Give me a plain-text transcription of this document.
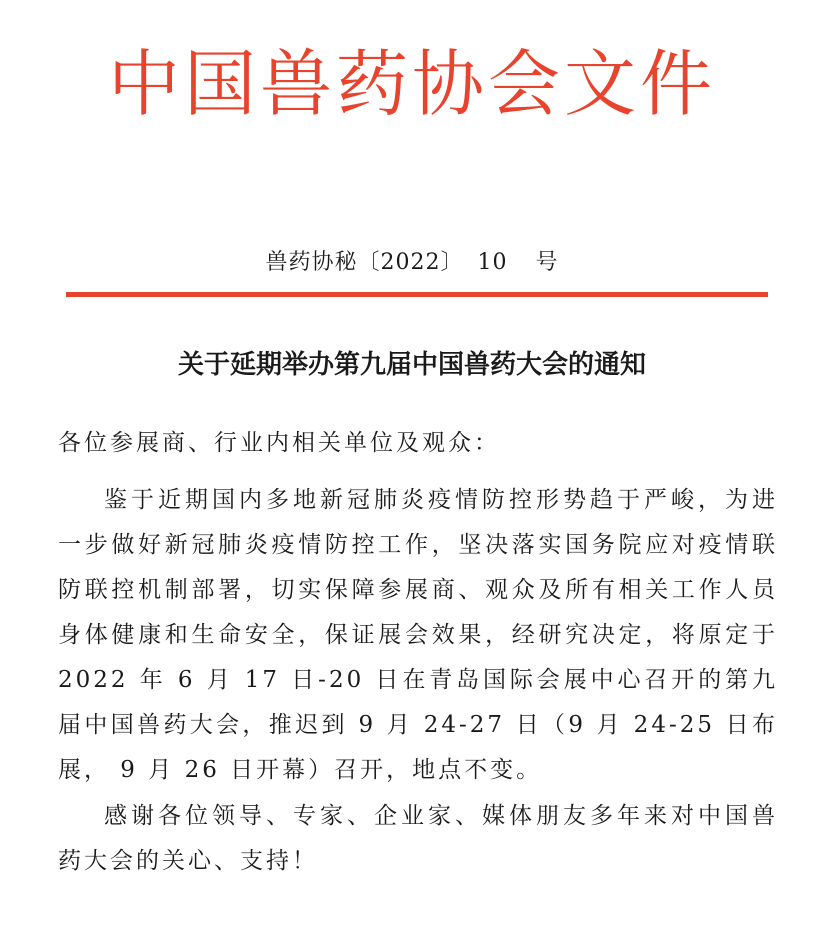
中国兽药协会文件
兽药协秘〔2022〕 10 号
关于延期举办第九届中国兽药大会的通知
各位参展商、行业内相关单位及观众：

鉴于近期国内多地新冠肺炎疫情防控形势趋于严峻，为进一步做好新冠肺炎疫情防控工作，坚决落实国务院应对疫情联防联控机制部署，切实保障参展商、观众及所有相关工作人员身体健康和生命安全，保证展会效果，经研究决定，将原定于 2022 年 6 月 17 日-20 日在青岛国际会展中心召开的第九届中国兽药大会，推迟到 9 月 24-27 日（9 月 24-25 日布展， 9 月 26 日开幕）召开，地点不变。

感谢各位领导、专家、企业家、媒体朋友多年来对中国兽药大会的关心、支持！
